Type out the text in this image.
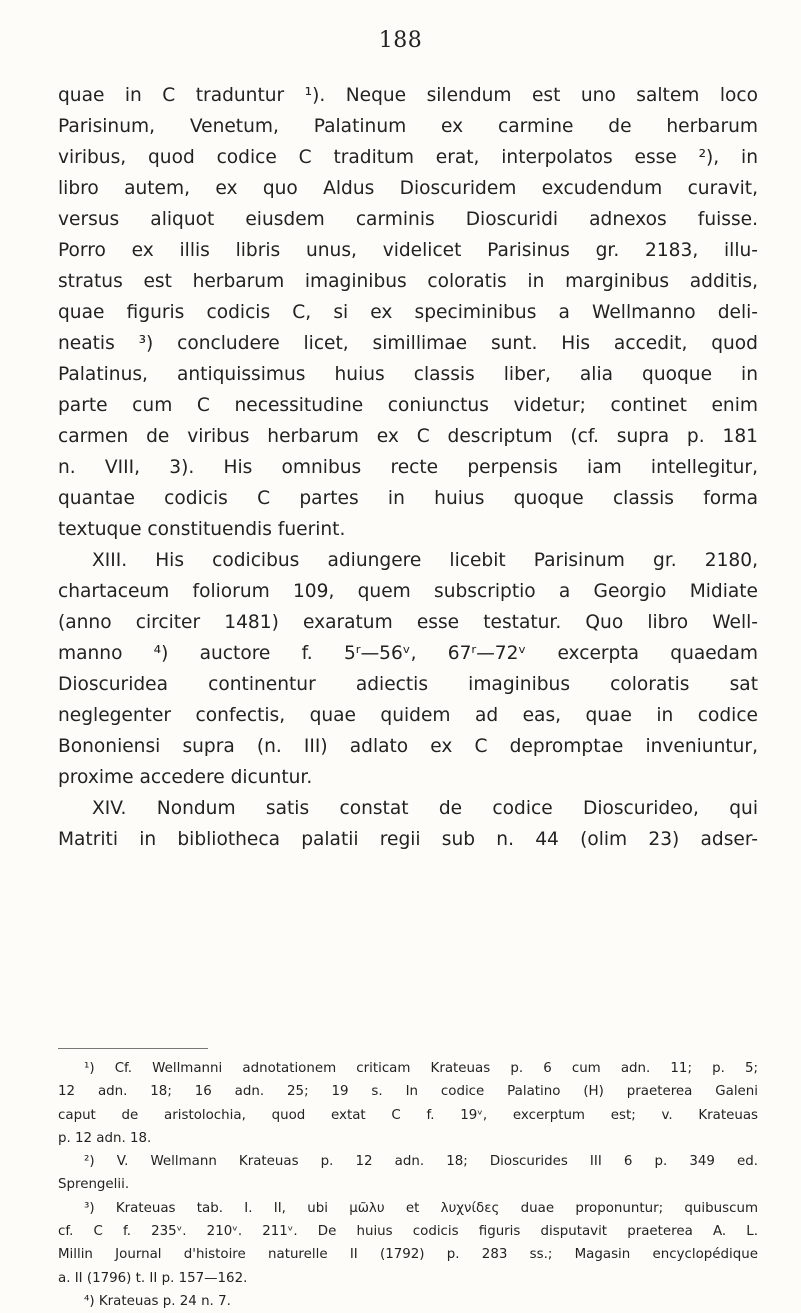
188
quae in C traduntur ¹). Neque silendum est uno saltem loco
Parisinum, Venetum, Palatinum ex carmine de herbarum
viribus, quod codice C traditum erat, interpolatos esse ²), in
libro autem, ex quo Aldus Dioscuridem excudendum curavit,
versus aliquot eiusdem carminis Dioscuridi adnexos fuisse.
Porro ex illis libris unus, videlicet Parisinus gr. 2183, illu-
stratus est herbarum imaginibus coloratis in marginibus additis,
quae figuris codicis C, si ex speciminibus a Wellmanno deli-
neatis ³) concludere licet, simillimae sunt. His accedit, quod
Palatinus, antiquissimus huius classis liber, alia quoque in
parte cum C necessitudine coniunctus videtur; continet enim
carmen de viribus herbarum ex C descriptum (cf. supra p. 181
n. VIII, 3). His omnibus recte perpensis iam intellegitur,
quantae codicis C partes in huius quoque classis forma
textuque constituendis fuerint.
XIII. His codicibus adiungere licebit Parisinum gr. 2180,
chartaceum foliorum 109, quem subscriptio a Georgio Midiate
(anno circiter 1481) exaratum esse testatur. Quo libro Well-
manno ⁴) auctore f. 5ʳ—56ᵛ, 67ʳ—72ᵛ excerpta quaedam
Dioscuridea continentur adiectis imaginibus coloratis sat
neglegenter confectis, quae quidem ad eas, quae in codice
Bononiensi supra (n. III) adlato ex C depromptae inveniuntur,
proxime accedere dicuntur.
XIV. Nondum satis constat de codice Dioscurideo, qui
Matriti in bibliotheca palatii regii sub n. 44 (olim 23) adser-
¹) Cf. Wellmanni adnotationem criticam Krateuas p. 6 cum adn. 11; p. 5;
12 adn. 18; 16 adn. 25; 19 s. In codice Palatino (H) praeterea Galeni
caput de aristolochia, quod extat C f. 19ᵛ, excerptum est; v. Krateuas
p. 12 adn. 18.
²) V. Wellmann Krateuas p. 12 adn. 18; Dioscurides III 6 p. 349 ed.
Sprengelii.
³) Krateuas tab. I. II, ubi μῶλυ et λυχνίδες duae proponuntur; quibuscum
cf. C f. 235ᵛ. 210ᵛ. 211ᵛ. De huius codicis figuris disputavit praeterea A. L.
Millin Journal d'histoire naturelle II (1792) p. 283 ss.; Magasin encyclopédique
a. II (1796) t. II p. 157—162.
⁴) Krateuas p. 24 n. 7.
